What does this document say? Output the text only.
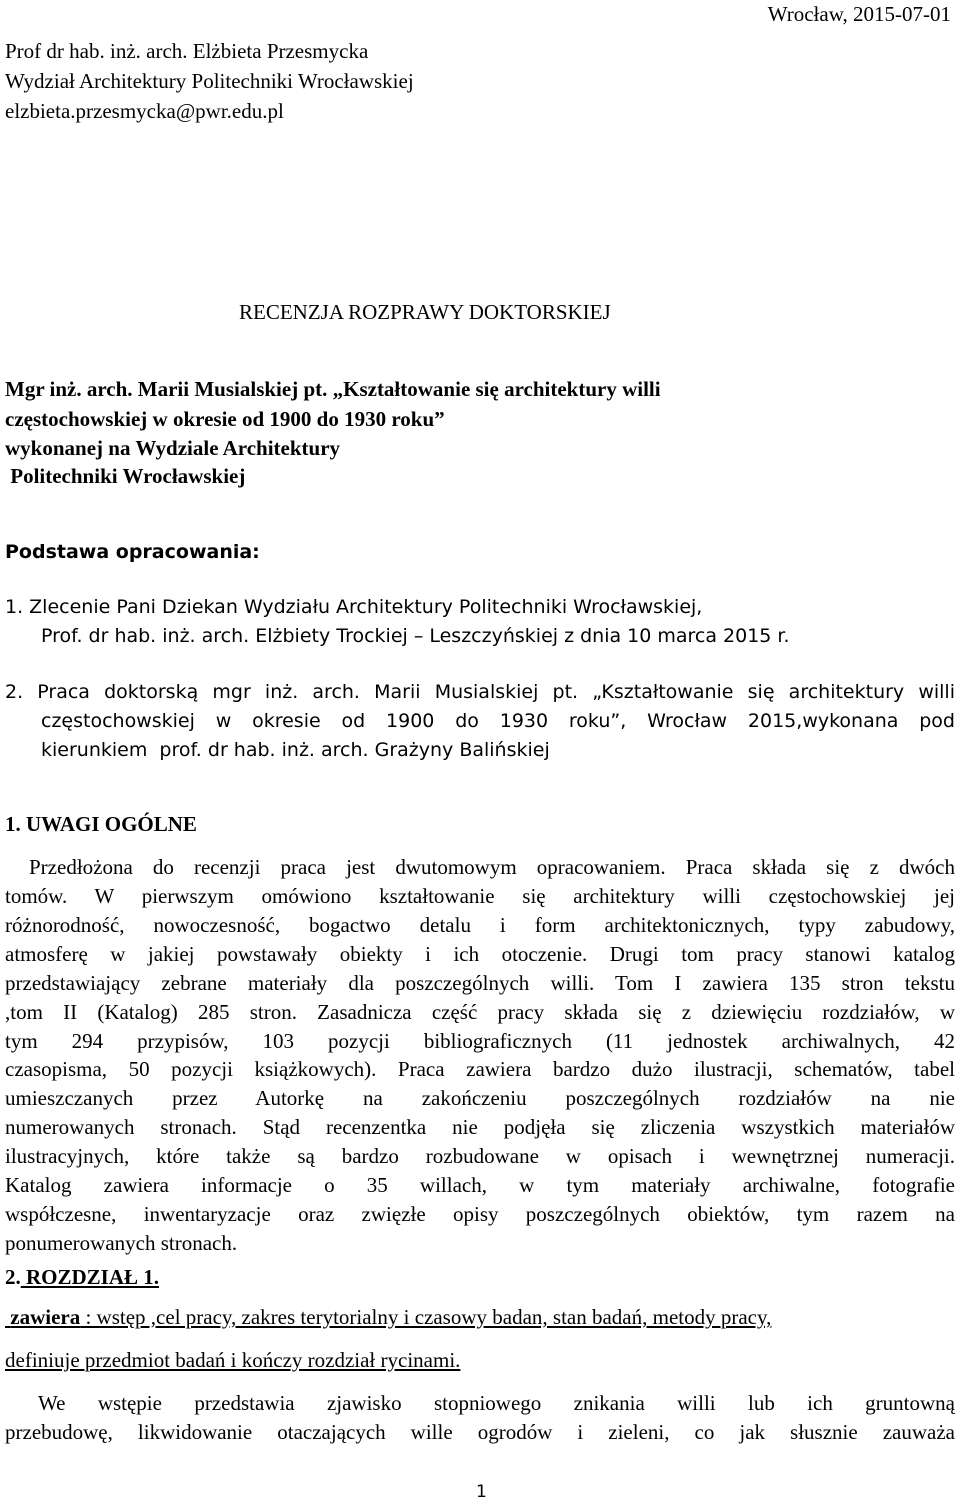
Wrocław, 2015-07-01
Prof dr hab. inż. arch. Elżbieta Przesmycka
Wydział Architektury Politechniki Wrocławskiej
elzbieta.przesmycka@pwr.edu.pl
RECENZJA ROZPRAWY DOKTORSKIEJ
Mgr inż. arch. Marii Musialskiej pt. „Kształtowanie się architektury willi
częstochowskiej w okresie od 1900 do 1930 roku”
wykonanej na Wydziale Architektury
Politechniki Wrocławskiej
Podstawa opracowania:
1. Zlecenie Pani Dziekan Wydziału Architektury Politechniki Wrocławskiej,
Prof. dr hab. inż. arch. Elżbiety Trockiej – Leszczyńskiej z dnia 10 marca 2015 r.
2. Praca doktorską mgr inż. arch. Marii Musialskiej pt. „Kształtowanie się architektury willi
częstochowskiej w okresie od 1900 do 1930 roku”, Wrocław 2015,wykonana pod
kierunkiem  prof. dr hab. inż. arch. Grażyny Balińskiej
1. UWAGI OGÓLNE
Przedłożona do recenzji praca jest dwutomowym opracowaniem. Praca składa się z dwóch
tomów. W pierwszym omówiono kształtowanie się architektury willi częstochowskiej jej
różnorodność, nowoczesność, bogactwo detalu i form architektonicznych, typy zabudowy,
atmosferę w jakiej powstawały obiekty i ich otoczenie. Drugi tom pracy stanowi katalog
przedstawiający zebrane materiały dla poszczególnych willi. Tom I zawiera 135 stron tekstu
,tom II (Katalog) 285 stron. Zasadnicza część pracy składa się z dziewięciu rozdziałów, w
tym 294 przypisów, 103 pozycji bibliograficznych (11 jednostek archiwalnych, 42
czasopisma, 50 pozycji książkowych). Praca zawiera bardzo dużo ilustracji, schematów, tabel
umieszczanych przez Autorkę na zakończeniu poszczególnych rozdziałów na nie
numerowanych stronach. Stąd recenzentka nie podjęła się zliczenia wszystkich materiałów
ilustracyjnych, które także są bardzo rozbudowane w opisach i wewnętrznej numeracji.
Katalog zawiera informacje o 35 willach, w tym materiały archiwalne, fotografie
współczesne, inwentaryzacje oraz zwięzłe opisy poszczególnych obiektów, tym razem na
ponumerowanych stronach.
2. ROZDZIAŁ 1.
zawiera : wstęp ,cel pracy, zakres terytorialny i czasowy badan, stan badań, metody pracy,
definiuje przedmiot badań i kończy rozdział rycinami.
We wstępie przedstawia zjawisko stopniowego znikania willi lub ich gruntowną
przebudowę, likwidowanie otaczających wille ogrodów i zieleni, co jak słusznie zauważa
1
